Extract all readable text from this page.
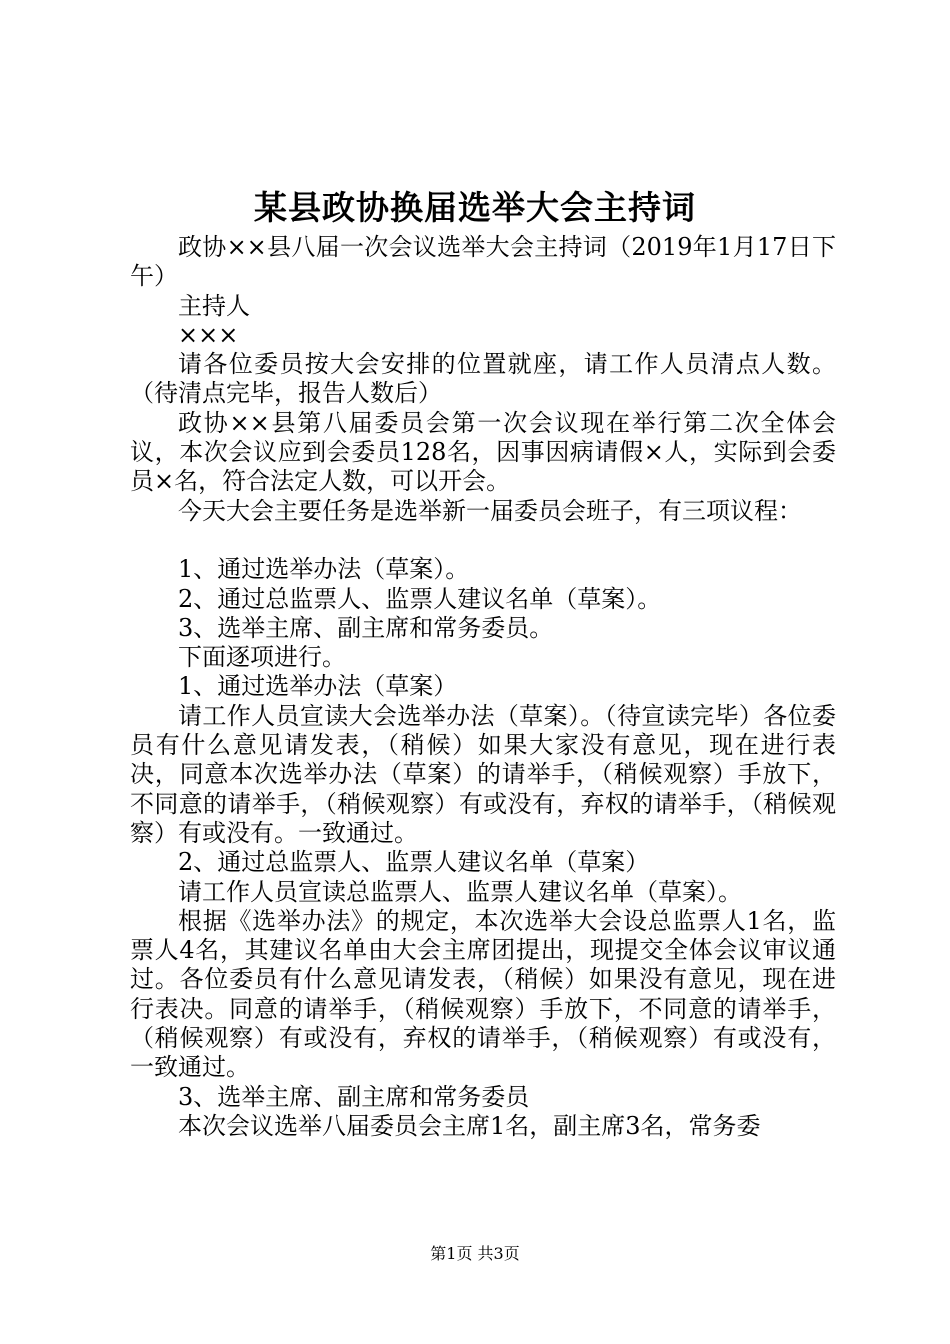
某县政协换届选举大会主持词

政协××县八届一次会议选举大会主持词（2019年1月17日下午）

主持人

×××

请各位委员按大会安排的位置就座，请工作人员清点人数。（待清点完毕，报告人数后）

政协××县第八届委员会第一次会议现在举行第二次全体会议，本次会议应到会委员128名，因事因病请假×人，实际到会委员×名，符合法定人数，可以开会。

今天大会主要任务是选举新一届委员会班子，有三项议程：

1、通过选举办法（草案）。

2、通过总监票人、监票人建议名单（草案）。

3、选举主席、副主席和常务委员。

下面逐项进行。

1、通过选举办法（草案）

请工作人员宣读大会选举办法（草案）。（待宣读完毕）各位委员有什么意见请发表，（稍候）如果大家没有意见，现在进行表决，同意本次选举办法（草案）的请举手，（稍候观察）手放下，不同意的请举手，（稍候观察）有或没有，弃权的请举手，（稍候观察）有或没有。一致通过。

2、通过总监票人、监票人建议名单（草案）

请工作人员宣读总监票人、监票人建议名单（草案）。

根据《选举办法》的规定，本次选举大会设总监票人1名，监票人4名，其建议名单由大会主席团提出，现提交全体会议审议通过。各位委员有什么意见请发表，（稍候）如果没有意见，现在进行表决。同意的请举手，（稍候观察）手放下，不同意的请举手，（稍候观察）有或没有，弃权的请举手，（稍候观察）有或没有，一致通过。

3、选举主席、副主席和常务委员

本次会议选举八届委员会主席1名，副主席3名，常务委

第1页 共3页
